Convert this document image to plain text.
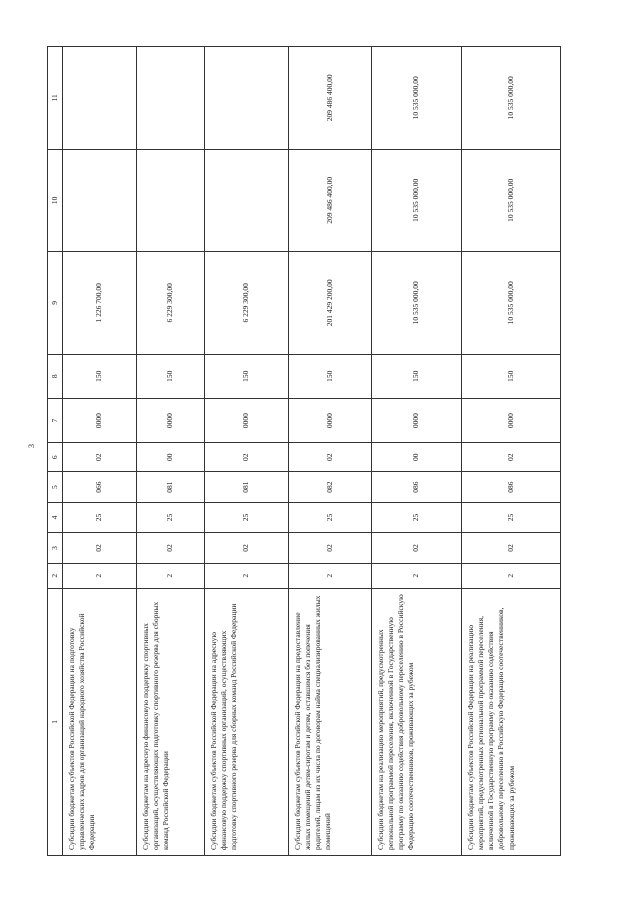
3
1	2	3	4	5	6	7	8	9	10	11
Субсидии бюджетам субъектов Российской Федерации на подготовку управленческих кадров для организаций народного хозяйства Российской Федерации	2	02	25	066	02	0000	150	1 226 700,00		
Субсидии бюджетам на адресную финансовую поддержку спортивных организаций, осуществляющих подготовку спортивного резерва для сборных команд Российской Федерации	2	02	25	081	00	0000	150	6 229 300,00		
Субсидии бюджетам субъектов Российской Федерации на адресную финансовую поддержку спортивных организаций, осуществляющих подготовку спортивного резерва для сборных команд Российской Федерации	2	02	25	081	02	0000	150	6 229 300,00		
Субсидии бюджетам субъектов Российской Федерации на предоставление жилых помещений детям-сиротам и детям, оставшимся без попечения родителей, лицам из их числа по договорам найма специализированных жилых помещений	2	02	25	082	02	0000	150	201 429 200,00	209 486 400,00	209 486 400,00
Субсидии бюджетам на реализацию мероприятий, предусмотренных региональной программой переселения, включенной в Государственную программу по оказанию содействия добровольному переселению в Российскую Федерацию соотечественников, проживающих за рубежом	2	02	25	086	00	0000	150	10 535 000,00	10 535 000,00	10 535 000,00
Субсидии бюджетам субъектов Российской Федерации на реализацию мероприятий, предусмотренных региональной программой переселения, включенной в Государственную программу по оказанию содействия добровольному переселению в Российскую Федерацию соотечественников, проживающих за рубежом	2	02	25	086	02	0000	150	10 535 000,00	10 535 000,00	10 535 000,00
